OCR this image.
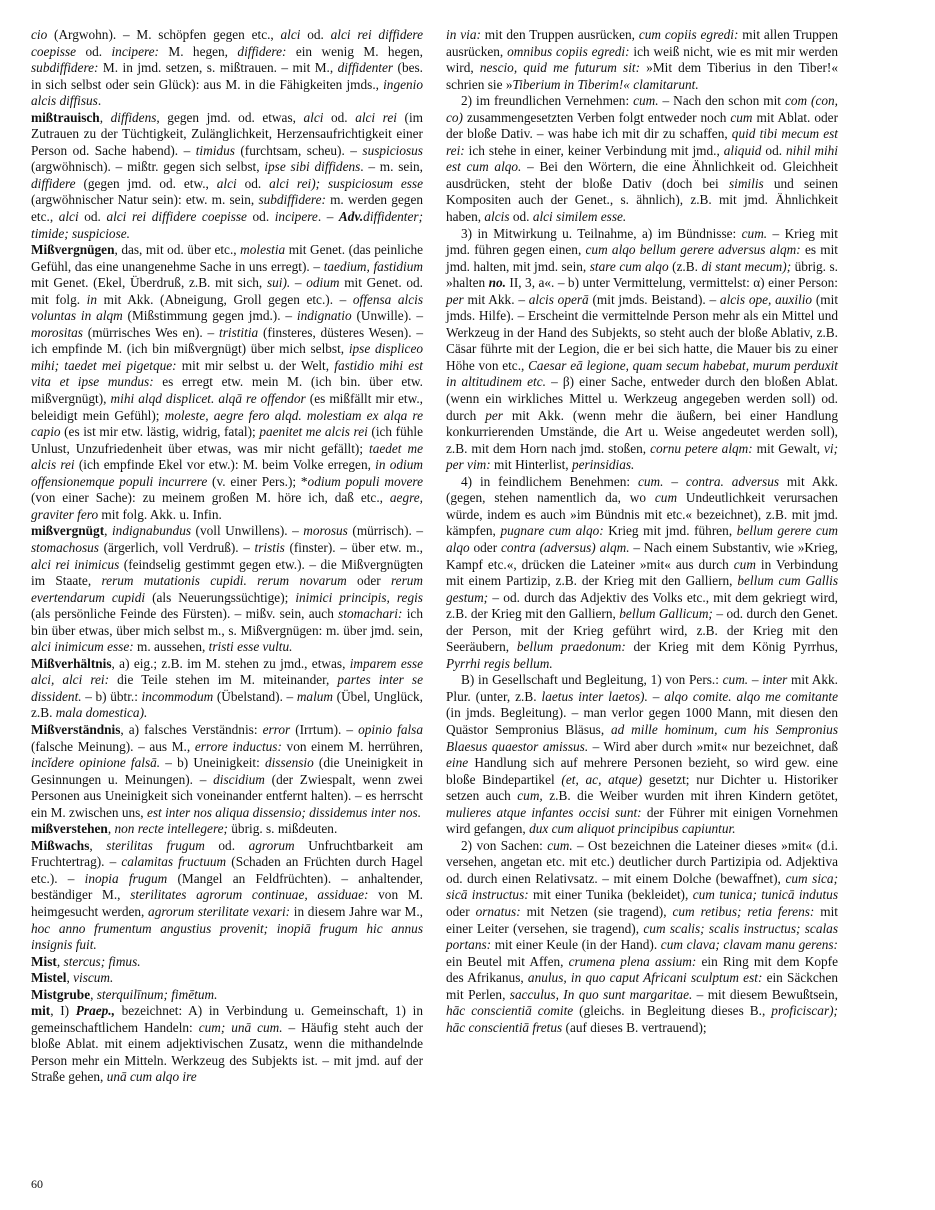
cio (Argwohn). – M. schöpfen gegen etc., alci od. alci rei diffidere coepisse od. incipere: M. hegen, diffidere: ein wenig M. hegen, subdiffidere: M. in jmd. setzen, s. mißtrauen. – mit M., diffidenter (bes. in sich selbst oder sein Glück): aus M. in die Fähigkeiten jmds., ingenio alcis diffisus.

mißtrauisch, diffidens, gegen jmd. od. etwas, alci od. alci rei (im Zutrauen zu der Tüchtigkeit, Zulänglichkeit, Herzensaufrichtigkeit einer Person od. Sache habend). – timidus (furchtsam, scheu). – suspiciosus (argwöhnisch). – mißtr. gegen sich selbst, ipse sibi diffidens. – m. sein, diffidere (gegen jmd. od. etw., alci od. alci rei); suspiciosum esse (argwöhnischer Natur sein): etw. m. sein, subdiffidere: m. werden gegen etc., alci od. alci rei diffidere coepisse od. incipere. – Adv.diffidenter; timide; suspiciose.

Mißvergnügen, das, mit od. über etc., molestia mit Genet. (das peinliche Gefühl, das eine unangenehme Sache in uns erregt). – taedium, fastidium mit Genet. (Ekel, Überdruß, z.B. mit sich, sui). – odium mit Genet. od. mit folg. in mit Akk. (Abneigung, Groll gegen etc.). – offensa alcis voluntas in alqm (Mißstimmung gegen jmd.). – indignatio (Unwille). – morositas (mürrisches Wes en). – tristitia (finsteres, düsteres Wesen). – ich empfinde M. (ich bin mißvergnügt) über mich selbst, ipse displiceo mihi; taedet mei pigetque: mit mir selbst u. der Welt, fastidio mihi est vita et ipse mundus: es erregt etw. mein M. (ich bin. über etw. mißvergnügt), mihi alqd displicet. alqā re offendor (es mißfällt mir etw., beleidigt mein Gefühl); moleste, aegre fero alqd. molestiam ex alqa re capio (es ist mir etw. lästig, widrig, fatal); paenitet me alcis rei (ich fühle Unlust, Unzufriedenheit über etwas, was mir nicht gefällt); taedet me alcis rei (ich empfinde Ekel vor etw.): M. beim Volke erregen, in odium offensionemque populi incurrere (v. einer Pers.); *odium populi movere (von einer Sache): zu meinem großen M. höre ich, daß etc., aegre, graviter fero mit folg. Akk. u. Infin.

mißvergnügt, indignabundus (voll Unwillens). – morosus (mürrisch). – stomachosus (ärgerlich, voll Verdruß). – tristis (finster). – über etw. m., alci rei inimicus (feindselig gestimmt gegen etw.). – die Mißvergnügten im Staate, rerum mutationis cupidi. rerum novarum oder rerum evertendarum cupidi (als Neuerungssüchtige); inimici principis, regis (als persönliche Feinde des Fürsten). – mißv. sein, auch stomachari: ich bin über etwas, über mich selbst m., s. Mißvergnügen: m. über jmd. sein, alci inimicum esse: m. aussehen, tristi esse vultu.

Mißverhältnis, a) eig.; z.B. im M. stehen zu jmd., etwas, imparem esse alci, alci rei: die Teile stehen im M. miteinander, partes inter se dissident. – b) übtr.: incommodum (Übelstand). – malum (Übel, Unglück, z.B. mala domestica).

Mißverständnis, a) falsches Verständnis: error (Irrtum). – opinio falsa (falsche Meinung). – aus M., errore inductus: von einem M. herrühren, incĭdere opinione falsā. – b) Uneinigkeit: dissensio (die Uneinigkeit in Gesinnungen u. Meinungen). – discidium (der Zwiespalt, wenn zwei Personen aus Uneinigkeit sich voneinander entfernt halten). – es herrscht ein M. zwischen uns, est inter nos aliqua dissensio; dissidemus inter nos.

mißverstehen, non recte intellegere; übrig. s. mißdeuten.

Mißwachs, sterilitas frugum od. agrorum Unfruchtbarkeit am Fruchtertrag). – calamitas fructuum (Schaden an Früchten durch Hagel etc.). – inopia frugum (Mangel an Feldfrüchten). – anhaltender, beständiger M., sterilitates agrorum continuae, assiduae: von M. heimgesucht werden, agrorum sterilitate vexari: in diesem Jahre war M., hoc anno frumentum angustius provenit; inopiā frugum hic annus insignis fuit.

Mist, stercus; fimus.

Mistel, viscum.

Mistgrube, sterquilīnum; fimētum.

mit, I) Praep., bezeichnet: A) in Verbindung u. Gemeinschaft, 1) in gemeinschaftlichem Handeln: cum; unā cum. – Häufig steht auch der bloße Ablat. mit einem adjektivischen Zusatz, wenn die mithandelnde Person mehr ein Mitteln. Werkzeug des Subjekts ist. – mit jmd. auf der Straße gehen, unā cum alqo ire

in via: mit den Truppen ausrücken, cum copiis egredi: mit allen Truppen ausrücken, omnibus copiis egredi: ich weiß nicht, wie es mit mir werden wird, nescio, quid me futurum sit: »Mit dem Tiberius in den Tiber!« schrien sie »Tiberium in Tiberim!« clamitarunt.

2) im freundlichen Vernehmen: cum. – Nach den schon mit com (con, co) zusammengesetzten Verben folgt entweder noch cum mit Ablat. oder der bloße Dativ. – was habe ich mit dir zu schaffen, quid tibi mecum est rei: ich stehe in einer, keiner Verbindung mit jmd., aliquid od. nihil mihi est cum alqo. – Bei den Wörtern, die eine Ähnlichkeit od. Gleichheit ausdrücken, steht der bloße Dativ (doch bei similis und seinen Kompositen auch der Genet., s. ähnlich), z.B. mit jmd. Ähnlichkeit haben, alcis od. alci similem esse.

3) in Mitwirkung u. Teilnahme, a) im Bündnisse: cum. – Krieg mit jmd. führen gegen einen, cum alqo bellum gerere adversus alqm: es mit jmd. halten, mit jmd. sein, stare cum alqo (z.B. di stant mecum); übrig. s. »halten no. II, 3, a«. – b) unter Vermittelung, vermittelst: α) einer Person: per mit Akk. – alcis operā (mit jmds. Beistand). – alcis ope, auxilio (mit jmds. Hilfe). – Erscheint die vermittelnde Person mehr als ein Mittel und Werkzeug in der Hand des Subjekts, so steht auch der bloße Ablativ, z.B. Cäsar führte mit der Legion, die er bei sich hatte, die Mauer bis zu einer Höhe von etc., Caesar eā legione, quam secum habebat, murum perduxit in altitudinem etc. – β) einer Sache, entweder durch den bloßen Ablat. (wenn ein wirkliches Mittel u. Werkzeug angegeben werden soll) od. durch per mit Akk. (wenn mehr die äußern, bei einer Handlung konkurrierenden Umstände, die Art u. Weise angedeutet werden soll), z.B. mit dem Horn nach jmd. stoßen, cornu petere alqm: mit Gewalt, vi; per vim: mit Hinterlist, perinsidias.

4) in feindlichem Benehmen: cum. – contra. adversus mit Akk. (gegen, stehen namentlich da, wo cum Undeutlichkeit verursachen würde, indem es auch »im Bündnis mit etc.« bezeichnet), z.B. mit jmd. kämpfen, pugnare cum alqo: Krieg mit jmd. führen, bellum gerere cum alqo oder contra (adversus) alqm. – Nach einem Substantiv, wie »Krieg, Kampf etc.«, drücken die Lateiner »mit« aus durch cum in Verbindung mit einem Partizip, z.B. der Krieg mit den Galliern, bellum cum Gallis gestum; – od. durch das Adjektiv des Volks etc., mit dem gekriegt wird, z.B. der Krieg mit den Galliern, bellum Gallicum; – od. durch den Genet. der Person, mit der Krieg geführt wird, z.B. der Krieg mit den Seeräubern, bellum praedonum: der Krieg mit dem König Pyrrhus, Pyrrhi regis bellum.

B) in Gesellschaft und Begleitung, 1) von Pers.: cum. – inter mit Akk. Plur. (unter, z.B. laetus inter laetos). – alqo comite. alqo me comitante (in jmds. Begleitung). – man verlor gegen 1000 Mann, mit diesen den Quästor Sempronius Bläsus, ad mille hominum, cum his Sempronius Blaesus quaestor amissus. – Wird aber durch »mit« nur bezeichnet, daß eine Handlung sich auf mehrere Personen bezieht, so wird gew. eine bloße Bindepartikel (et, ac, atque) gesetzt; nur Dichter u. Historiker setzen auch cum, z.B. die Weiber wurden mit ihren Kindern getötet, mulieres atque infantes occisi sunt: der Führer mit einigen Vornehmen wird gefangen, dux cum aliquot principibus capiuntur.

2) von Sachen: cum. – Ost bezeichnen die Lateiner dieses »mit« (d.i. versehen, angetan etc. mit etc.) deutlicher durch Partizipia od. Adjektiva od. durch einen Relativsatz. – mit einem Dolche (bewaffnet), cum sica; sicā instructus: mit einer Tunika (bekleidet), cum tunica; tunicā indutus oder ornatus: mit Netzen (sie tragend), cum retibus; retia ferens: mit einer Leiter (versehen, sie tragend), cum scalis; scalis instructus; scalas portans: mit einer Keule (in der Hand). cum clava; clavam manu gerens: ein Beutel mit Affen, crumena plena assium: ein Ring mit dem Kopfe des Afrikanus, anulus, in quo caput Africani sculptum est: ein Säckchen mit Perlen, sacculus, In quo sunt margaritae. – mit diesem Bewußtsein, hāc conscientiā comite (gleichs. in Begleitung dieses B., proficiscar); hāc conscientiā fretus (auf dieses B. vertrauend);

60
